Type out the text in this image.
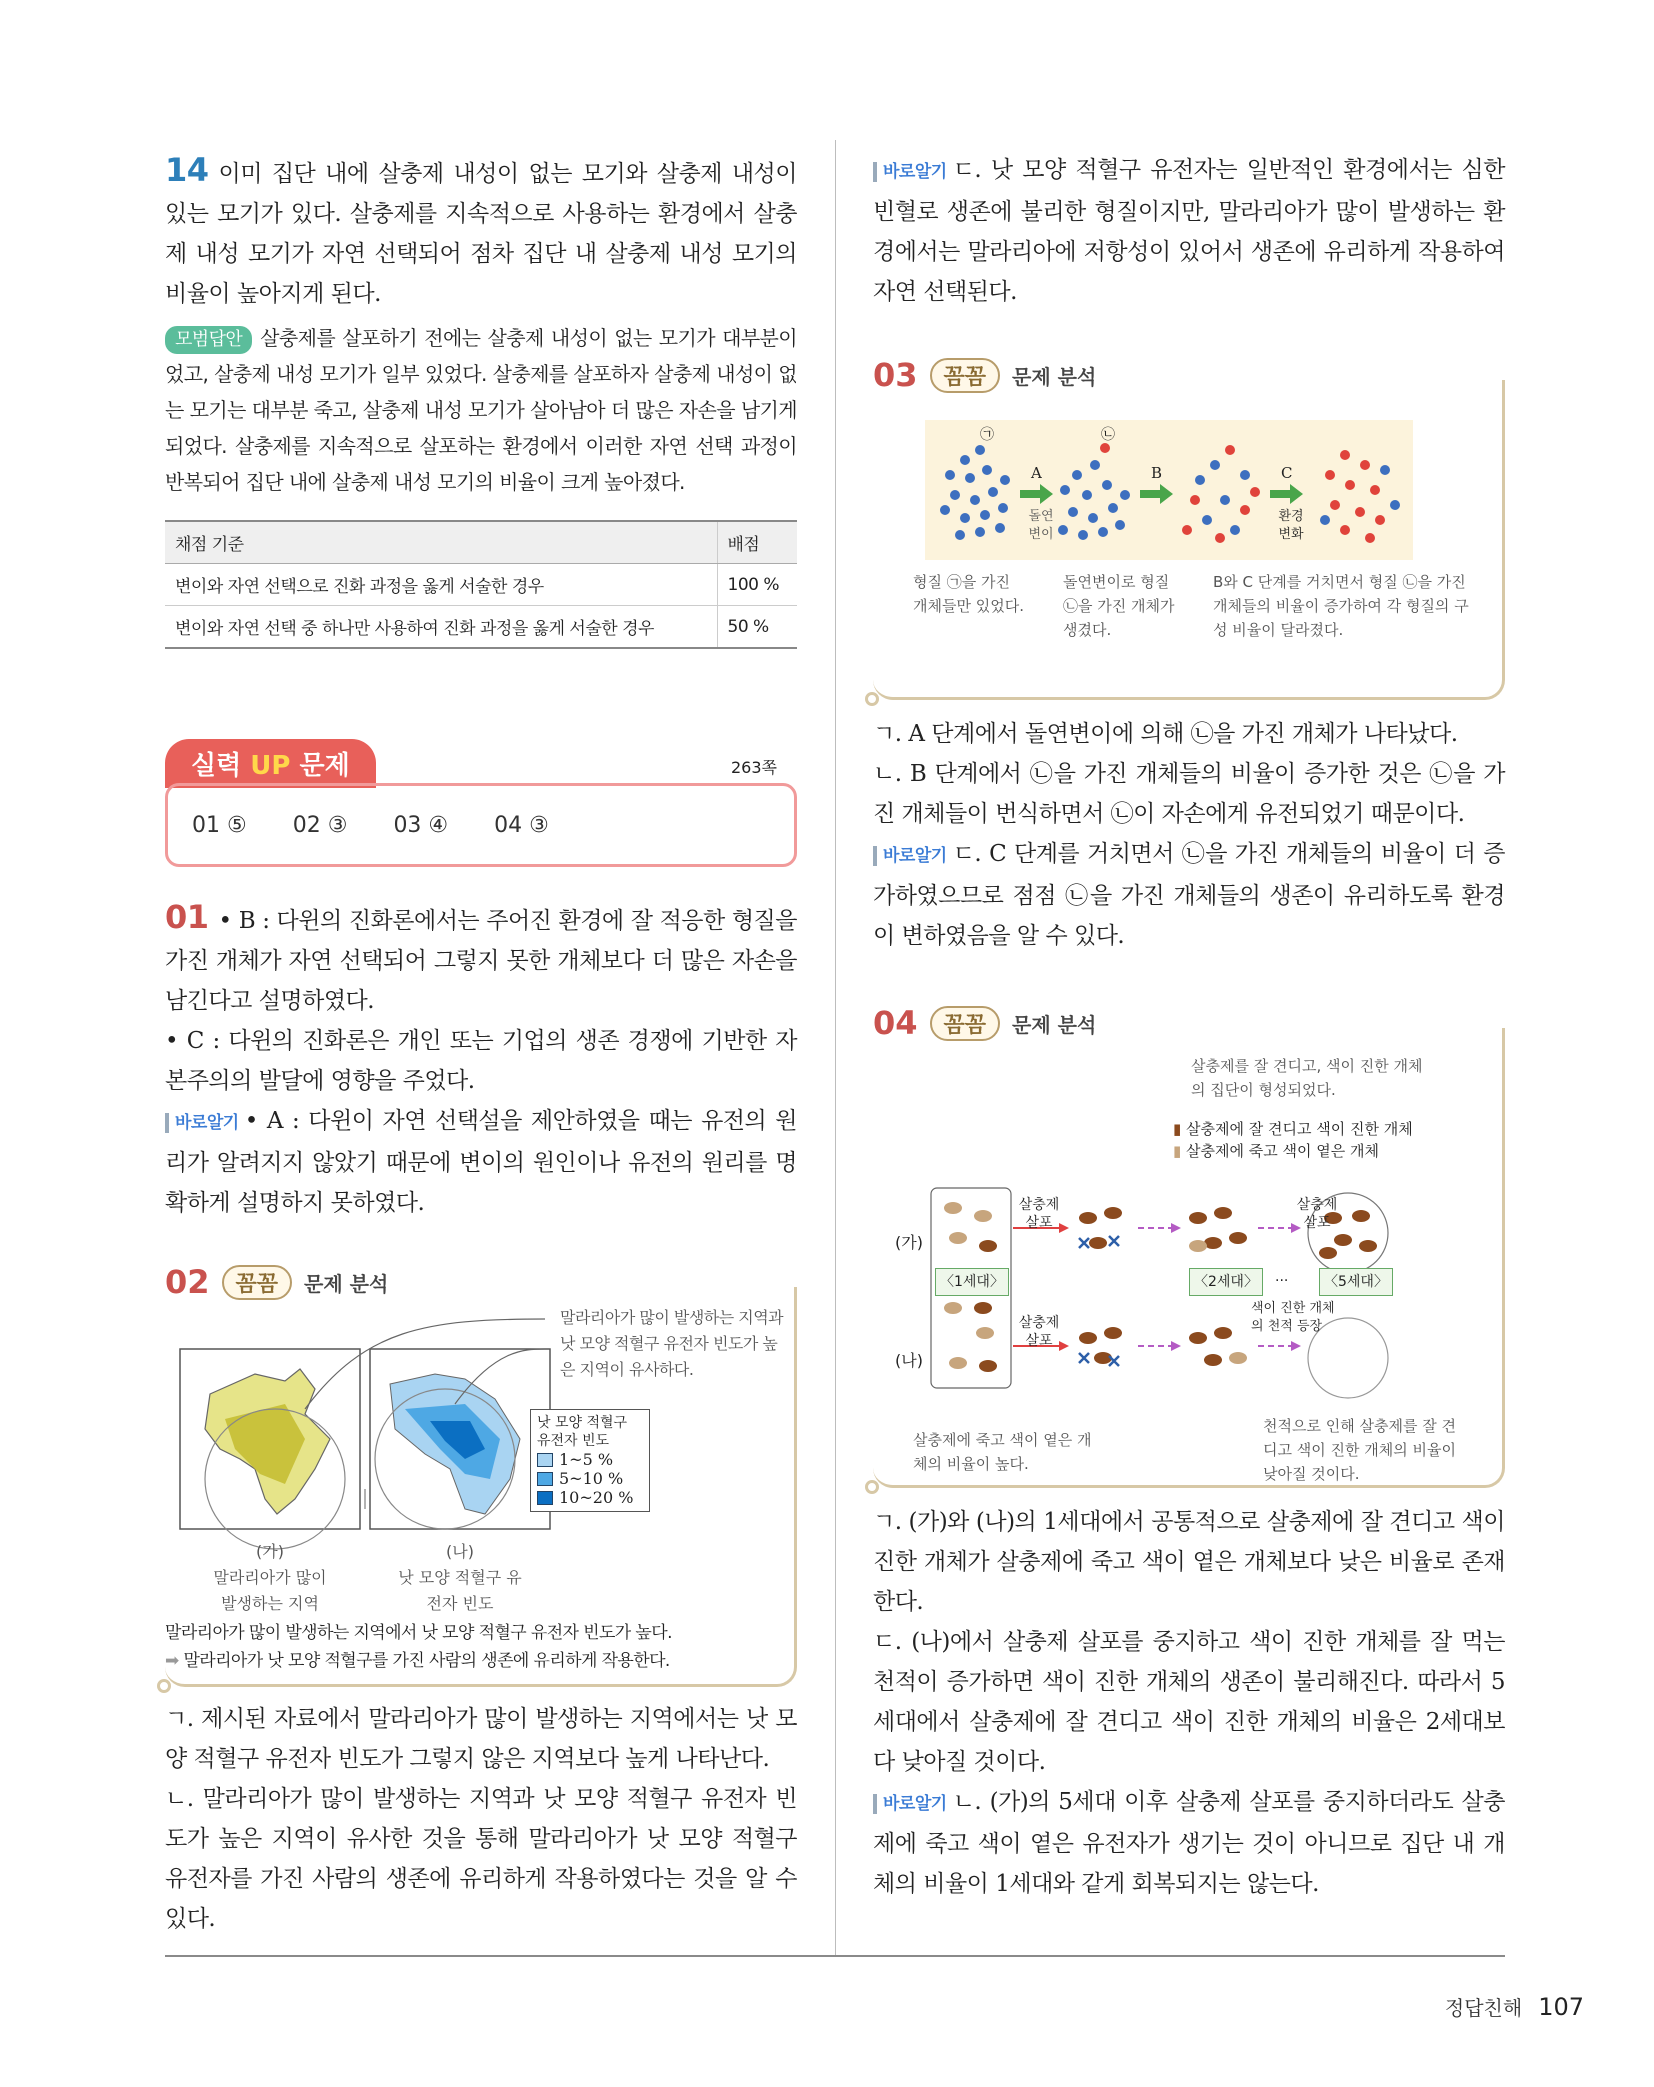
14 이미 집단 내에 살충제 내성이 없는 모기와 살충제 내성이 있는 모기가 있다. 살충제를 지속적으로 사용하는 환경에서 살충제 내성 모기가 자연 선택되어 점차 집단 내 살충제 내성 모기의 비율이 높아지게 된다.

모범답안 살충제를 살포하기 전에는 살충제 내성이 없는 모기가 대부분이었고, 살충제 내성 모기가 일부 있었다. 살충제를 살포하자 살충제 내성이 없는 모기는 대부분 죽고, 살충제 내성 모기가 살아남아 더 많은 자손을 남기게 되었다. 살충제를 지속적으로 살포하는 환경에서 이러한 자연 선택 과정이 반복되어 집단 내에 살충제 내성 모기의 비율이 크게 높아졌다.

채점 기준	배점
변이와 자연 선택으로 진화 과정을 옳게 서술한 경우	100 %
변이와 자연 선택 중 하나만 사용하여 진화 과정을 옳게 서술한 경우	50 %
실력 UP 문제	263쪽
01 ⑤ 02 ③ 03 ④ 04 ③

01 • B : 다윈의 진화론에서는 주어진 환경에 잘 적응한 형질을 가진 개체가 자연 선택되어 그렇지 못한 개체보다 더 많은 자손을 남긴다고 설명하였다.

• C : 다윈의 진화론은 개인 또는 기업의 생존 경쟁에 기반한 자본주의의 발달에 영향을 주었다.

바로알기 • A : 다윈이 자연 선택설을 제안하였을 때는 유전의 원리가 알려지지 않았기 때문에 변이의 원인이나 유전의 원리를 명확하게 설명하지 못하였다.

02	꼼꼼	문제 분석
말라리아가 많이 발생하는 지역과 낫 모양 적혈구 유전자 빈도가 높은 지역이 유사하다.
낫 모양 적혈구 유전자 빈도
1~5 %
5~10 %
10~20 %
(가)
말라리아가 많이 발생하는 지역
(나)
낫 모양 적혈구 유전자 빈도
말라리아가 많이 발생하는 지역에서 낫 모양 적혈구 유전자 빈도가 높다.
➡ 말라리아가 낫 모양 적혈구를 가진 사람의 생존에 유리하게 작용한다.

ㄱ. 제시된 자료에서 말라리아가 많이 발생하는 지역에서는 낫 모양 적혈구 유전자 빈도가 그렇지 않은 지역보다 높게 나타난다.

ㄴ. 말라리아가 많이 발생하는 지역과 낫 모양 적혈구 유전자 빈도가 높은 지역이 유사한 것을 통해 말라리아가 낫 모양 적혈구 유전자를 가진 사람의 생존에 유리하게 작용하였다는 것을 알 수 있다.

바로알기 ㄷ. 낫 모양 적혈구 유전자는 일반적인 환경에서는 심한 빈혈로 생존에 불리한 형질이지만, 말라리아가 많이 발생하는 환경에서는 말라리아에 저항성이 있어서 생존에 유리하게 작용하여 자연 선택된다.

03	꼼꼼	문제 분석
㉠	㉡
A	B	C
돌연 변이
환경 변화
형질 ㉠을 가진 개체들만 있었다.
돌연변이로 형질 ㉡을 가진 개체가 생겼다.
B와 C 단계를 거치면서 형질 ㉡을 가진 개체들의 비율이 증가하여 각 형질의 구성 비율이 달라졌다.

ㄱ. A 단계에서 돌연변이에 의해 ㉡을 가진 개체가 나타났다.

ㄴ. B 단계에서 ㉡을 가진 개체들의 비율이 증가한 것은 ㉡을 가진 개체들이 번식하면서 ㉡이 자손에게 유전되었기 때문이다.

바로알기 ㄷ. C 단계를 거치면서 ㉡을 가진 개체들의 비율이 더 증가하였으므로 점점 ㉡을 가진 개체들의 생존이 유리하도록 환경이 변하였음을 알 수 있다.

04	꼼꼼	문제 분석
살충제를 잘 견디고, 색이 진한 개체의 집단이 형성되었다.
▮ 살충제에 잘 견디고 색이 진한 개체
▮ 살충제에 죽고 색이 옅은 개체
(가)
(나)
살충제 살포
살충제 살포
살충제 살포
〈1세대〉	〈2세대〉	···	〈5세대〉
색이 진한 개체의 천적 등장
살충제에 죽고 색이 옅은 개체의 비율이 높다.
천적으로 인해 살충제를 잘 견디고 색이 진한 개체의 비율이 낮아질 것이다.

ㄱ. (가)와 (나)의 1세대에서 공통적으로 살충제에 잘 견디고 색이 진한 개체가 살충제에 죽고 색이 옅은 개체보다 낮은 비율로 존재한다.

ㄷ. (나)에서 살충제 살포를 중지하고 색이 진한 개체를 잘 먹는 천적이 증가하면 색이 진한 개체의 생존이 불리해진다. 따라서 5세대에서 살충제에 잘 견디고 색이 진한 개체의 비율은 2세대보다 낮아질 것이다.

바로알기 ㄴ. (가)의 5세대 이후 살충제 살포를 중지하더라도 살충제에 죽고 색이 옅은 유전자가 생기는 것이 아니므로 집단 내 개체의 비율이 1세대와 같게 회복되지는 않는다.

정답친해 107
